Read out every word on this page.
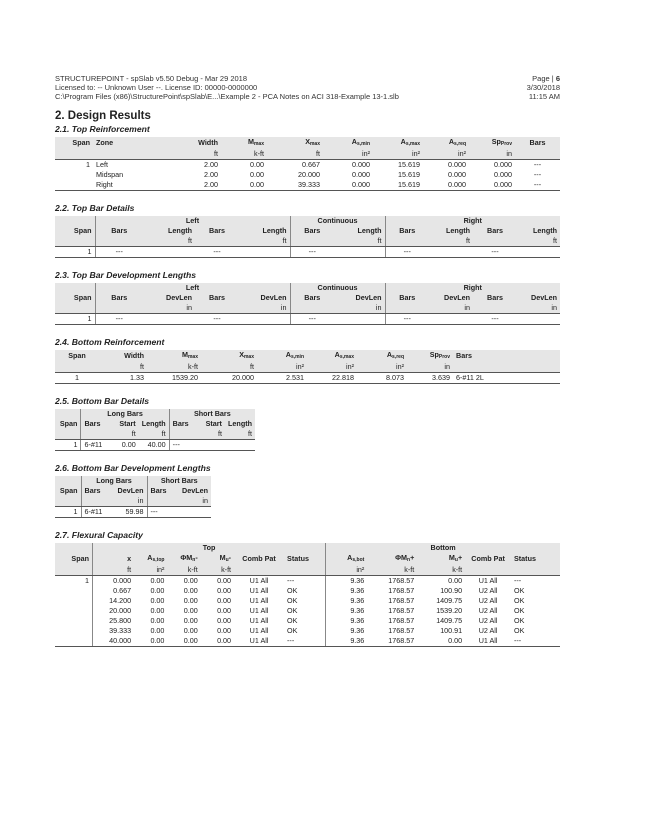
STRUCTUREPOINT - spSlab v5.50 Debug - Mar 29 2018
Licensed to: -- Unknown User --. License ID: 00000-0000000
C:\Program Files (x86)\StructurePoint\spSlab\E...\Example 2 - PCA Notes on ACI 318-Example 13-1.slb
Page | 6
3/30/2018
11:15 AM
2. Design Results
2.1. Top Reinforcement
Span	Zone	Width	$M_{max}$	$X_{max}$	$A_{s,min}$	$A_{s,max}$	$A_{s,req}$	$Sp_{Prov}$	Bars
		ft	k-ft	ft	in²	in²	in²	in	
1	Left	2.00	0.00	0.667	0.000	15.619	0.000	0.000	---
	Midspan	2.00	0.00	20.000	0.000	15.619	0.000	0.000	---
	Right	2.00	0.00	39.333	0.000	15.619	0.000	0.000	---
2.2. Top Bar Details
	Left				Continuous		Right			
Span	Bars	Length	Bars	Length	Bars	Length	Bars	Length	Bars	Length
		ft		ft		ft		ft		ft
1	---		---		---		---		---	
2.3. Top Bar Development Lengths
	Left				Continuous		Right			
Span	Bars	DevLen	Bars	DevLen	Bars	DevLen	Bars	DevLen	Bars	DevLen
		in		in		in		in		in
1	---		---		---		---		---	
2.4. Bottom Reinforcement
Span	Width	$M_{max}$	$X_{max}$	$A_{s,min}$	$A_{s,max}$	$A_{s,req}$	$Sp_{Prov}$	Bars
	ft	k-ft	ft	in²	in²	in²	in	
1	1.33	1539.20	20.000	2.531	22.818	8.073	3.639	6-#11 2L
2.5. Bottom Bar Details
	Long Bars			Short Bars		
Span	Bars	Start	Length	Bars	Start	Length
		ft	ft		ft	ft
1	6-#11	0.00	40.00	---		
2.6. Bottom Bar Development Lengths
	Long Bars		Short Bars	
Span	Bars	DevLen	Bars	DevLen
		in		in
1	6-#11	59.98	---	
2.7. Flexural Capacity
	Top						Bottom				
Span	x	$A_{s,top}$	$\Phi M_n-$	$M_u-$	Comb Pat	Status	$A_{s,bot}$	$\Phi M_n+$	$M_u+$	Comb Pat	Status
	ft	in²	k-ft	k-ft			in²	k-ft	k-ft		
1	0.000	0.00	0.00	0.00	U1 All	---	9.36	1768.57	0.00	U1 All	---
	0.667	0.00	0.00	0.00	U1 All	OK	9.36	1768.57	100.90	U2 All	OK
	14.200	0.00	0.00	0.00	U1 All	OK	9.36	1768.57	1409.75	U2 All	OK
	20.000	0.00	0.00	0.00	U1 All	OK	9.36	1768.57	1539.20	U2 All	OK
	25.800	0.00	0.00	0.00	U1 All	OK	9.36	1768.57	1409.75	U2 All	OK
	39.333	0.00	0.00	0.00	U1 All	OK	9.36	1768.57	100.91	U2 All	OK
	40.000	0.00	0.00	0.00	U1 All	---	9.36	1768.57	0.00	U1 All	---
